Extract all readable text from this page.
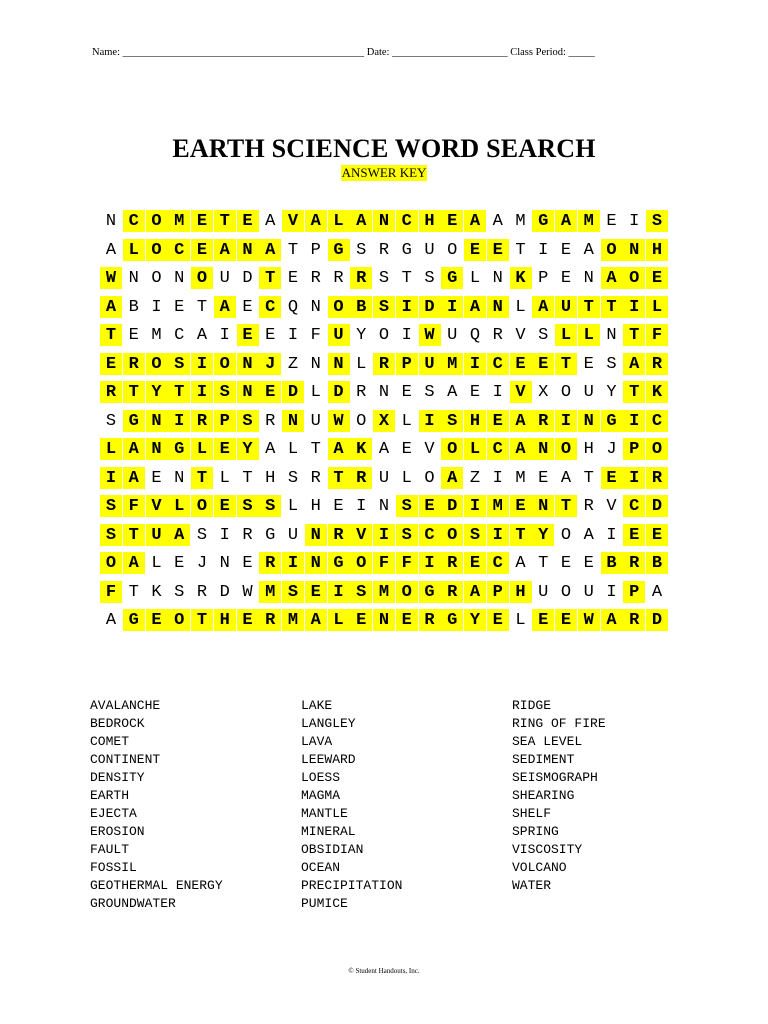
Name: ______________________________________________ Date: ______________________ Class Period: _____
EARTH SCIENCE WORD SEARCH
ANSWER KEY
N C O M E T E A V A L A N C H E A A M G A M E I S
A L O C E A N A T P G S R G U O E E T I E A O N H
W N O N O U D T E R R R S T S G L N K P E N A O E
A B I E T A E C Q N O B S I D I A N L A U T T I L
T E M C A I E E I F U Y O I W U Q R V S L L N T F
E R O S I O N J Z N N L R P U M I C E E T E S A R
R T Y T I S N E D L D R N E S A E I V X O U Y T K
S G N I R P S R N U W O X L I S H E A R I N G I C
L A N G L E Y A L T A K A E V O L C A N O H J P O
I A E N T L T H S R T R U L O A Z I M E A T E I R
S F V L O E S S L H E I N S E D I M E N T R V C D
S T U A S I R G U N R V I S C O S I T Y O A I E E
O A L E J N E R I N G O F F I R E C A T E E B R B
F T K S R D W M S E I S M O G R A P H U O U I P A
A G E O T H E R M A L E N E R G Y E L E E W A R D
AVALANCHE
BEDROCK
COMET
CONTINENT
DENSITY
EARTH
EJECTA
EROSION
FAULT
FOSSIL
GEOTHERMAL ENERGY
GROUNDWATER
LAKE
LANGLEY
LAVA
LEEWARD
LOESS
MAGMA
MANTLE
MINERAL
OBSIDIAN
OCEAN
PRECIPITATION
PUMICE
RIDGE
RING OF FIRE
SEA LEVEL
SEDIMENT
SEISMOGRAPH
SHEARING
SHELF
SPRING
VISCOSITY
VOLCANO
WATER
© Student Handouts, Inc.
